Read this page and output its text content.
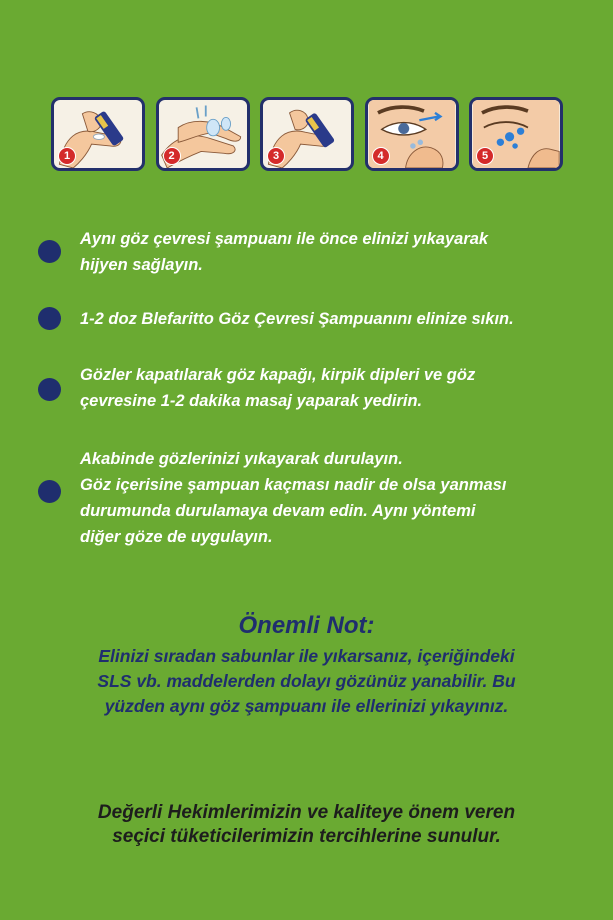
1	2	3	4	5
Aynı göz çevresi şampuanı ile önce elinizi yıkayarak
hijyen sağlayın.
1-2 doz Blefaritto Göz Çevresi Şampuanını elinize sıkın.
Gözler kapatılarak göz kapağı, kirpik dipleri ve göz
çevresine 1-2 dakika masaj yaparak yedirin.
Akabinde gözlerinizi yıkayarak durulayın.
Göz içerisine şampuan kaçması nadir de olsa yanması
durumunda durulamaya devam edin. Aynı yöntemi
diğer göze de uygulayın.
Önemli Not:
Elinizi sıradan sabunlar ile yıkarsanız, içeriğindeki
SLS vb. maddelerden dolayı gözünüz yanabilir. Bu
yüzden aynı göz şampuanı ile ellerinizi yıkayınız.
Değerli Hekimlerimizin ve kaliteye önem veren
seçici tüketicilerimizin tercihlerine sunulur.
